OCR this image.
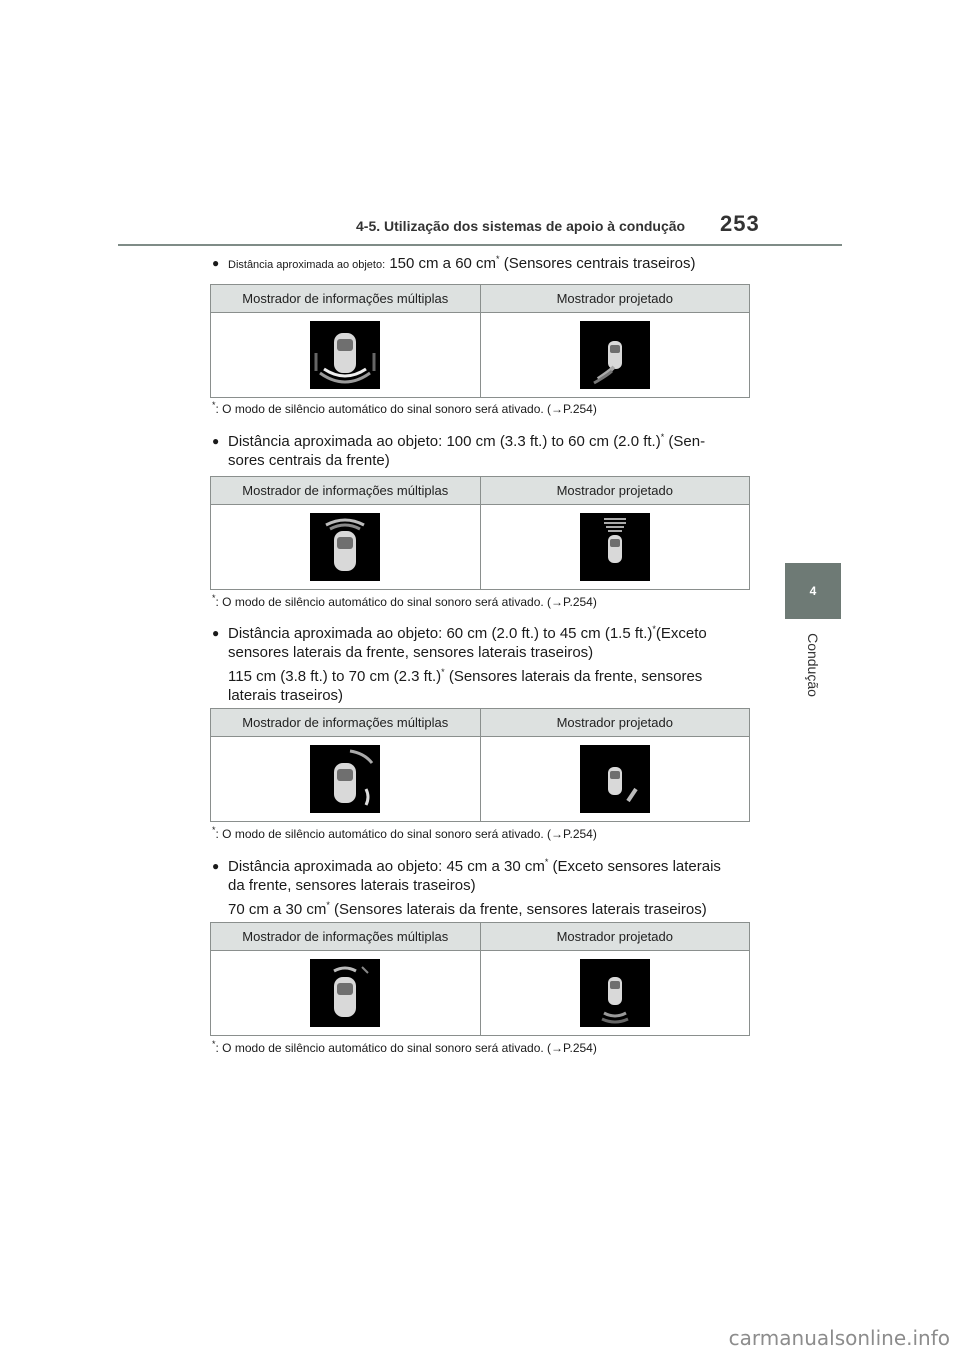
4-5. Utilização dos sistemas de apoio à condução 253
4
Condução
● Distância aproximada ao objeto: 150 cm a 60 cm* (Sensores centrais traseiros)
Mostrador de informações múltiplas	Mostrador projetado

*: O modo de silêncio automático do sinal sonoro será ativado. (→P.254)
● Distância aproximada ao objeto: 100 cm (3.3 ft.) to 60 cm (2.0 ft.)* (Sen-
sores centrais da frente)
Mostrador de informações múltiplas	Mostrador projetado

*: O modo de silêncio automático do sinal sonoro será ativado. (→P.254)
● Distância aproximada ao objeto: 60 cm (2.0 ft.) to 45 cm (1.5 ft.)*(Exceto
sensores laterais da frente, sensores laterais traseiros)
115 cm (3.8 ft.) to 70 cm (2.3 ft.)* (Sensores laterais da frente, sensores
laterais traseiros)
Mostrador de informações múltiplas	Mostrador projetado

*: O modo de silêncio automático do sinal sonoro será ativado. (→P.254)
● Distância aproximada ao objeto: 45 cm a 30 cm* (Exceto sensores laterais
da frente, sensores laterais traseiros)
70 cm a 30 cm* (Sensores laterais da frente, sensores laterais traseiros)
Mostrador de informações múltiplas	Mostrador projetado

*: O modo de silêncio automático do sinal sonoro será ativado. (→P.254)
carmanualsonline.info
